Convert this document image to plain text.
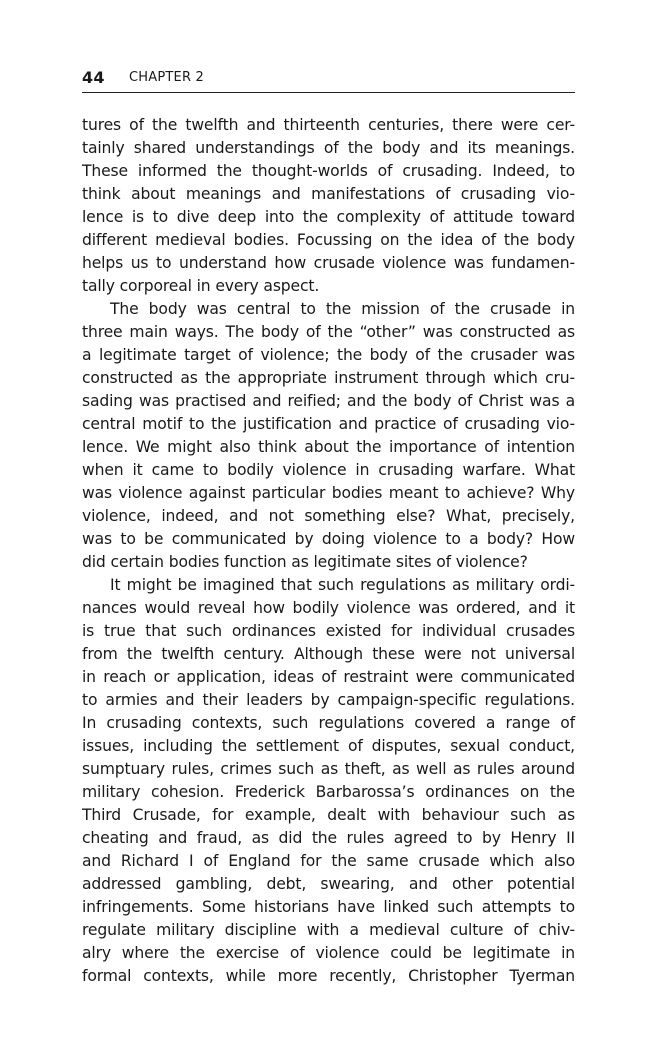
44 CHAPTER 2
tures of the twelfth and thirteenth centuries, there were cer-
tainly shared understandings of the body and its meanings.
These informed the thought-worlds of crusading. Indeed, to
think about meanings and manifestations of crusading vio-
lence is to dive deep into the complexity of attitude toward
different medieval bodies. Focussing on the idea of the body
helps us to understand how crusade violence was fundamen-
tally corporeal in every aspect.
The body was central to the mission of the crusade in
three main ways. The body of the “other” was constructed as
a legitimate target of violence; the body of the crusader was
constructed as the appropriate instrument through which cru-
sading was practised and reified; and the body of Christ was a
central motif to the justification and practice of crusading vio-
lence. We might also think about the importance of intention
when it came to bodily violence in crusading warfare. What
was violence against particular bodies meant to achieve? Why
violence, indeed, and not something else? What, precisely,
was to be communicated by doing violence to a body? How
did certain bodies function as legitimate sites of violence?
It might be imagined that such regulations as military ordi-
nances would reveal how bodily violence was ordered, and it
is true that such ordinances existed for individual crusades
from the twelfth century. Although these were not universal
in reach or application, ideas of restraint were communicated
to armies and their leaders by campaign-specific regulations.
In crusading contexts, such regulations covered a range of
issues, including the settlement of disputes, sexual conduct,
sumptuary rules, crimes such as theft, as well as rules around
military cohesion. Frederick Barbarossa’s ordinances on the
Third Crusade, for example, dealt with behaviour such as
cheating and fraud, as did the rules agreed to by Henry II
and Richard I of England for the same crusade which also
addressed gambling, debt, swearing, and other potential
infringements. Some historians have linked such attempts to
regulate military discipline with a medieval culture of chiv-
alry where the exercise of violence could be legitimate in
formal contexts, while more recently, Christopher Tyerman
